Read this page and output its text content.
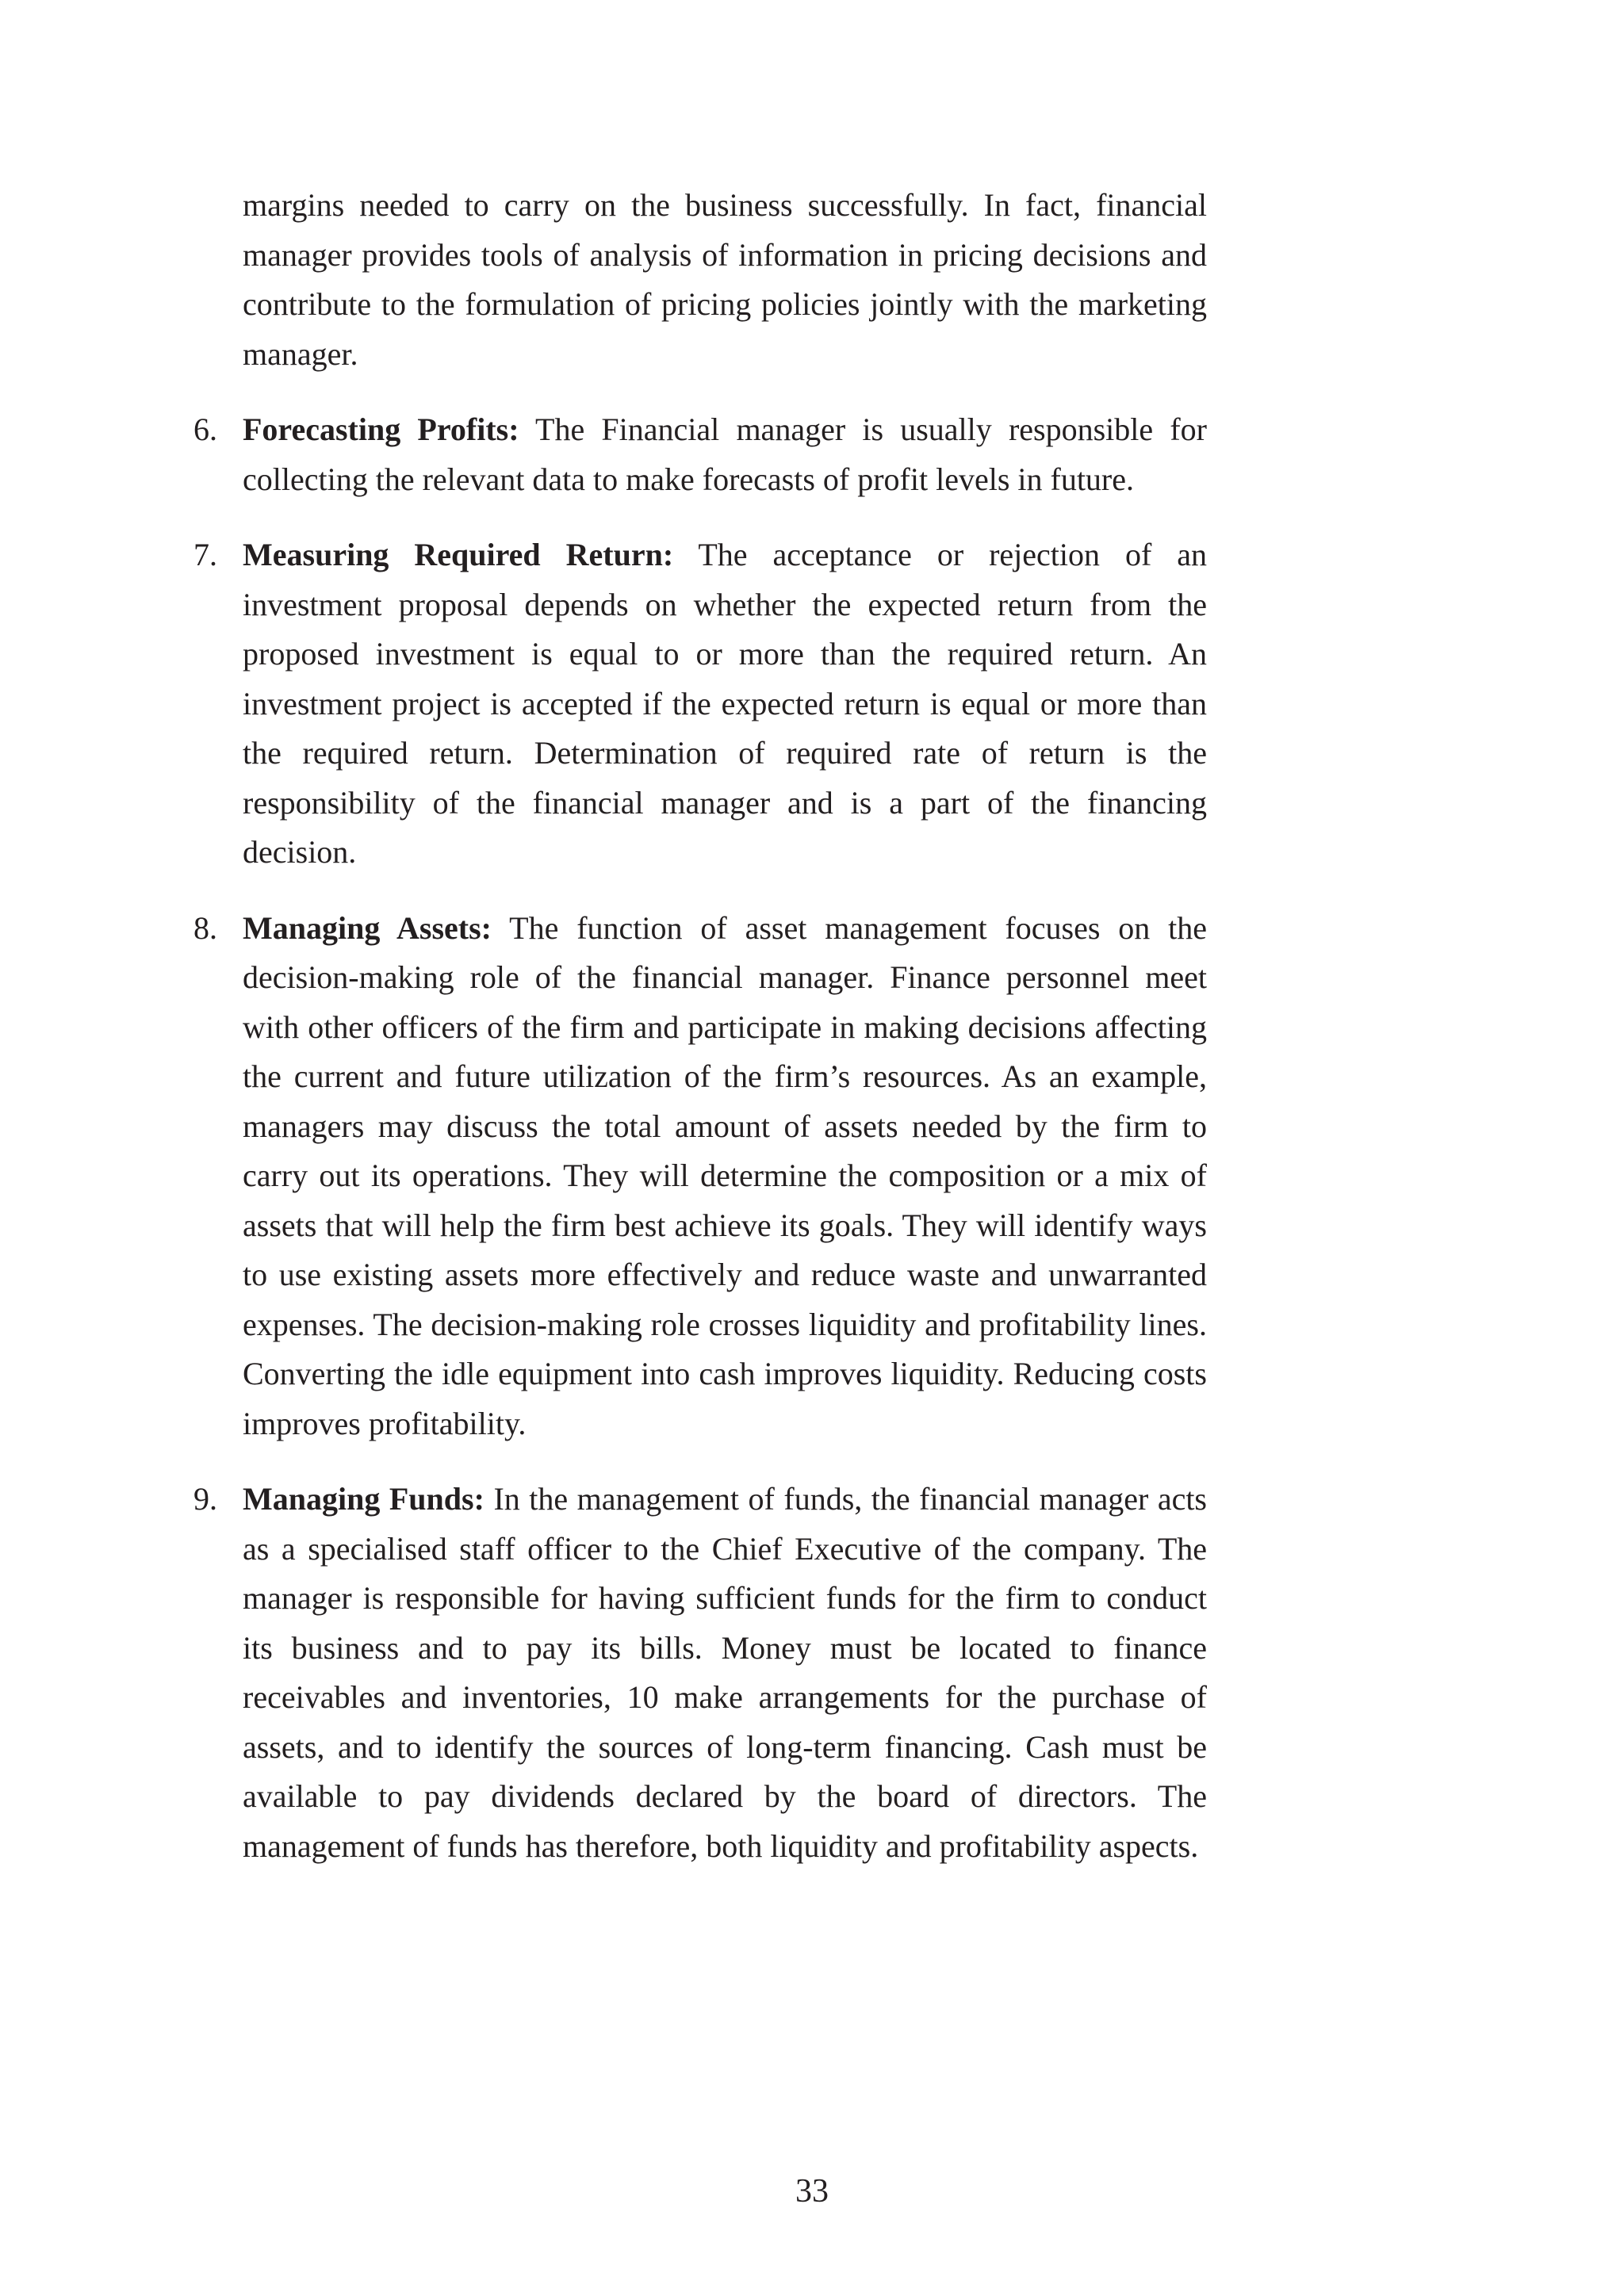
margins needed to carry on the business successfully. In fact, financial manager provides tools of analysis of information in pricing decisions and contribute to the formulation of pricing policies jointly with the marketing manager.

6. Forecasting Profits: The Financial manager is usually responsible for collecting the relevant data to make forecasts of profit levels in future.

7. Measuring Required Return: The acceptance or rejection of an investment proposal depends on whether the expected return from the proposed investment is equal to or more than the required return. An investment project is accepted if the expected return is equal or more than the required return. Determination of required rate of return is the responsibility of the financial manager and is a part of the financing decision.

8. Managing Assets: The function of asset management focuses on the decision-making role of the financial manager. Finance personnel meet with other officers of the firm and participate in making decisions affecting the current and future utilization of the firm’s resources. As an example, managers may discuss the total amount of assets needed by the firm to carry out its operations. They will determine the composition or a mix of assets that will help the firm best achieve its goals. They will identify ways to use existing assets more effectively and reduce waste and unwarranted expenses. The decision-making role crosses liquidity and profitability lines. Converting the idle equipment into cash improves liquidity. Reducing costs improves profitability.

9. Managing Funds: In the management of funds, the financial manager acts as a specialised staff officer to the Chief Executive of the company. The manager is responsible for having sufficient funds for the firm to conduct its business and to pay its bills. Money must be located to finance receivables and inventories, 10 make arrangements for the purchase of assets, and to identify the sources of long-term financing. Cash must be available to pay dividends declared by the board of directors. The management of funds has therefore, both liquidity and profitability aspects.

33
